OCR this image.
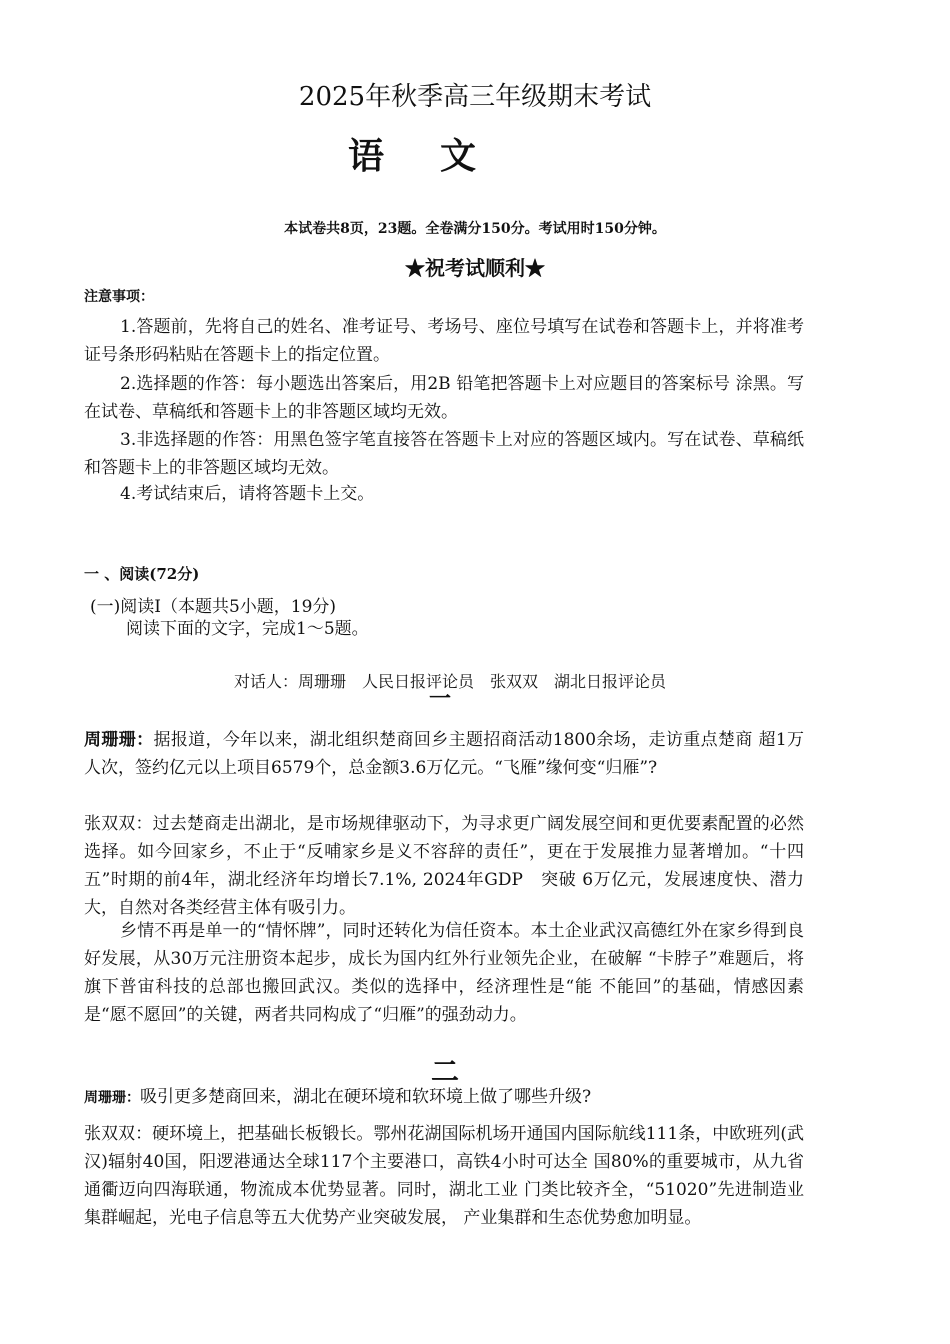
2025年秋季高三年级期末考试
语文
本试卷共8页，23题。全卷满分150分。考试用时150分钟。
★祝考试顺利★
注意事项：
1.答题前，先将自己的姓名、准考证号、考场号、座位号填写在试卷和答题卡上，并将准考证号条形码粘贴在答题卡上的指定位置。
2.选择题的作答：每小题选出答案后，用2B 铅笔把答题卡上对应题目的答案标号 涂黑。写在试卷、草稿纸和答题卡上的非答题区域均无效。
3.非选择题的作答：用黑色签字笔直接答在答题卡上对应的答题区域内。写在试卷、草稿纸和答题卡上的非答题区域均无效。
4.考试结束后，请将答题卡上交。
一 、阅读(72分)
(一)阅读Ⅰ（本题共5小题，19分)
阅读下面的文字，完成1～5题。
对话人：周珊珊　人民日报评论员　张双双　湖北日报评论员
一
周珊珊：据报道，今年以来，湖北组织楚商回乡主题招商活动1800余场，走访重点楚商 超1万人次，签约亿元以上项目6579个，总金额3.6万亿元。“飞雁”缘何变“归雁”?
张双双：过去楚商走出湖北，是市场规律驱动下，为寻求更广阔发展空间和更优要素配置的必然选择。如今回家乡，不止于“反哺家乡是义不容辞的责任”，更在于发展推力显著增加。“十四五”时期的前4年，湖北经济年均增长7.1%, 2024年GDP　突破 6万亿元，发展速度快、潜力大，自然对各类经营主体有吸引力。
乡情不再是单一的“情怀牌”，同时还转化为信任资本。本土企业武汉高德红外在家乡得到良好发展，从30万元注册资本起步，成长为国内红外行业领先企业，在破解 “卡脖子”难题后，将旗下普宙科技的总部也搬回武汉。类似的选择中，经济理性是“能 不能回”的基础，情感因素是“愿不愿回”的关键，两者共同构成了“归雁”的强劲动力。
二
周珊珊：吸引更多楚商回来，湖北在硬环境和软环境上做了哪些升级?
张双双：硬环境上，把基础长板锻长。鄂州花湖国际机场开通国内国际航线111条，中欧班列(武汉)辐射40国，阳逻港通达全球117个主要港口，高铁4小时可达全 国80%的重要城市，从九省通衢迈向四海联通，物流成本优势显著。同时，湖北工业 门类比较齐全，“51020”先进制造业集群崛起，光电子信息等五大优势产业突破发展， 产业集群和生态优势愈加明显。
